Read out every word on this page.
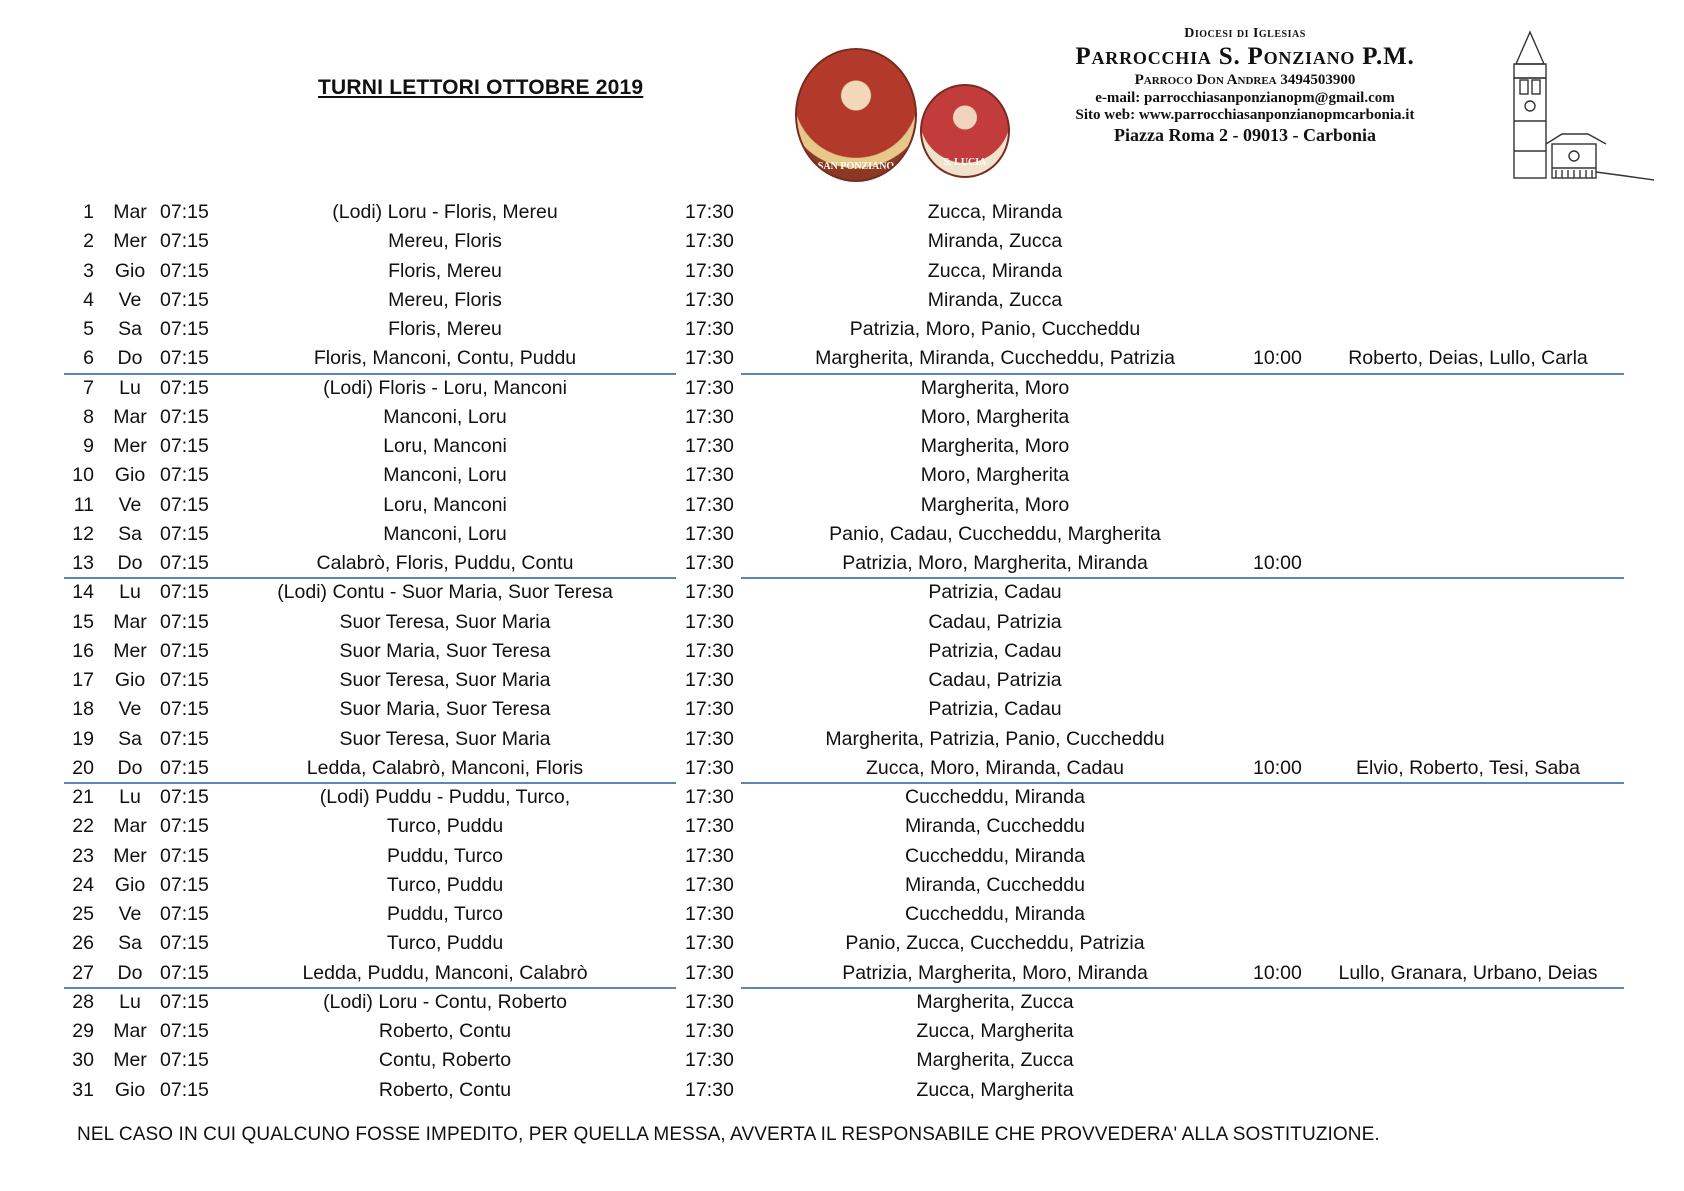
TURNI LETTORI OTTOBRE 2019
SAN PONZIANO	S. LUCIA
Diocesi di Iglesias
Parrocchia S. Ponziano P.M.
Parroco Don Andrea 3494503900
e-mail: parrocchiasanponzianopm@gmail.com
Sito web: www.parrocchiasanponzianopmcarbonia.it
Piazza Roma 2 - 09013 - Carbonia
1 Mar 07:15	(Lodi) Loru - Floris, Mereu	17:30	Zucca, Miranda
2 Mer 07:15	Mereu, Floris	17:30	Miranda, Zucca
3	Gio 07:15	Floris, Mereu	17:30	Zucca, Miranda
4	Ve 07:15	Mereu, Floris	17:30	Miranda, Zucca
5	Sa 07:15	Floris, Mereu	17:30	Patrizia, Moro, Panio, Cuccheddu
6	Do 07:15	Floris, Manconi, Contu, Puddu	17:30	Margherita, Miranda, Cuccheddu, Patrizia	10:00	Roberto, Deias, Lullo, Carla
7	Lu 07:15	(Lodi) Floris - Loru, Manconi	17:30	Margherita, Moro
8 Mar 07:15	Manconi, Loru	17:30	Moro, Margherita
9 Mer 07:15	Loru, Manconi	17:30	Margherita, Moro
10	Gio 07:15	Manconi, Loru	17:30	Moro, Margherita
11	Ve 07:15	Loru, Manconi	17:30	Margherita, Moro
12	Sa 07:15	Manconi, Loru	17:30	Panio, Cadau, Cuccheddu, Margherita
13	Do 07:15	Calabrò, Floris, Puddu, Contu	17:30	Patrizia, Moro, Margherita, Miranda	10:00
14	Lu 07:15	(Lodi) Contu - Suor Maria, Suor Teresa	17:30	Patrizia, Cadau
15 Mar 07:15	Suor Teresa, Suor Maria	17:30	Cadau, Patrizia
16 Mer 07:15	Suor Maria, Suor Teresa	17:30	Patrizia, Cadau
17	Gio 07:15	Suor Teresa, Suor Maria	17:30	Cadau, Patrizia
18	Ve 07:15	Suor Maria, Suor Teresa	17:30	Patrizia, Cadau
19	Sa 07:15	Suor Teresa, Suor Maria	17:30	Margherita, Patrizia, Panio, Cuccheddu
20	Do 07:15	Ledda, Calabrò, Manconi, Floris	17:30	Zucca, Moro, Miranda, Cadau	10:00	Elvio, Roberto, Tesi, Saba
21	Lu 07:15	(Lodi) Puddu - Puddu, Turco,	17:30	Cuccheddu, Miranda
22 Mar 07:15	Turco, Puddu	17:30	Miranda, Cuccheddu
23 Mer 07:15	Puddu, Turco	17:30	Cuccheddu, Miranda
24	Gio 07:15	Turco, Puddu	17:30	Miranda, Cuccheddu
25	Ve 07:15	Puddu, Turco	17:30	Cuccheddu, Miranda
26	Sa 07:15	Turco, Puddu	17:30	Panio, Zucca, Cuccheddu, Patrizia
27	Do 07:15	Ledda, Puddu, Manconi, Calabrò	17:30	Patrizia, Margherita, Moro, Miranda	10:00	Lullo, Granara, Urbano, Deias
28	Lu 07:15	(Lodi) Loru - Contu, Roberto	17:30	Margherita, Zucca
29 Mar 07:15	Roberto, Contu	17:30	Zucca, Margherita
30 Mer 07:15	Contu, Roberto	17:30	Margherita, Zucca
31	Gio 07:15	Roberto, Contu	17:30	Zucca, Margherita
NEL CASO IN CUI QUALCUNO FOSSE IMPEDITO, PER QUELLA MESSA, AVVERTA IL RESPONSABILE CHE PROVVEDERA' ALLA SOSTITUZIONE.
